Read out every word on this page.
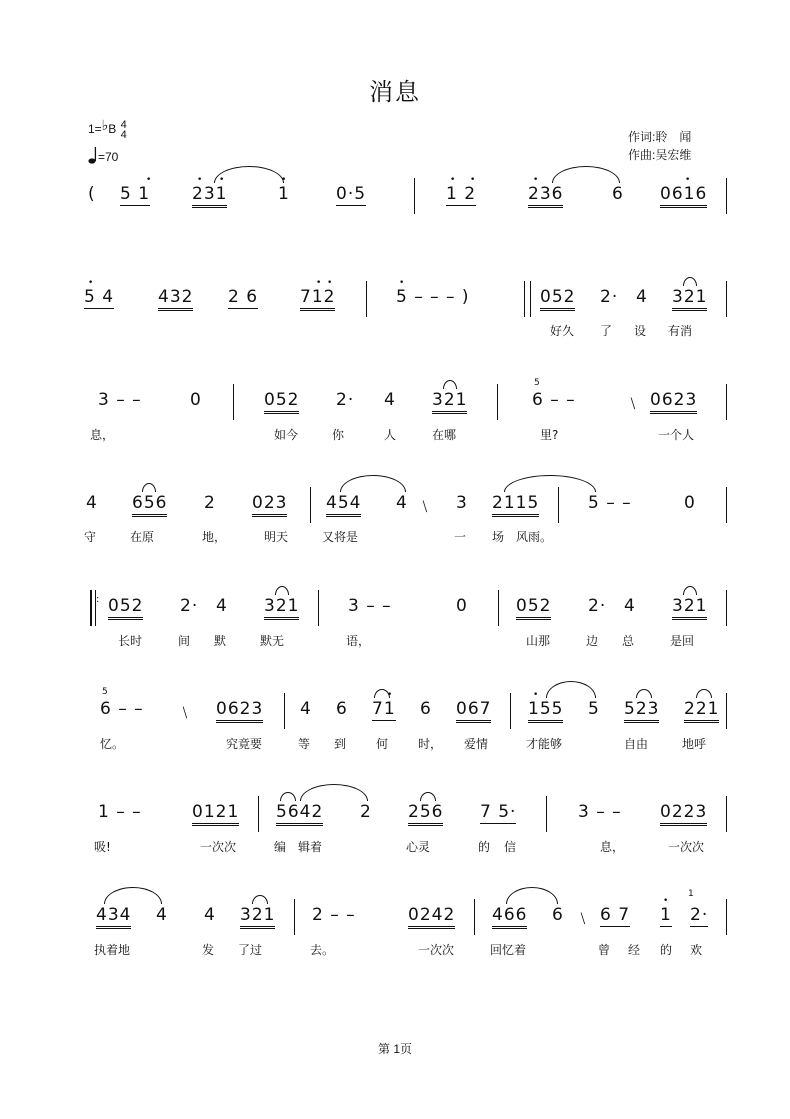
消息
1=♭B 4
4
=70
作词:聆　闻
作曲:吴宏维
( 5 1
•
231
• •
1
•
0·5	1 2
• •
236
•
6 0616
•
5 4
•
432 2 6 712
• •
5 – – – )
•
052 2· 4 321
好久 了 设 有消
3 – –	0	052 2· 4 321
5
6 – –	﹨ 0623
息，	如今	你	人	在哪	里?	一个人
4 656 2 023 454 4 ﹨ 3 2115	5 – –	0
守	在原	地，	明天	又将是	一 场 风雨。
: 052 2· 4 321	3 – –	0	052 2· 4 321
长时	间 默	默无	语，	山那	边 总	是回
5
6 – – ﹨ 0623 4 6 71
•
6 067 155
•
5 523 221
忆。	究竟要	等 到 何 时， 爱情	才能够	自由	地呼
1 – –	0121 5642 2 256 7 5·	3 – – 0223
吸!	一次次	编 辑着	心灵	的 信	息，	一次次
434 4 4 321 2 – –	0242 466 6 ﹨ 6 7 1
•
1
2·
执着地	发 了过	去。	一次次	回忆着	曾 经 的 欢
第 1页
